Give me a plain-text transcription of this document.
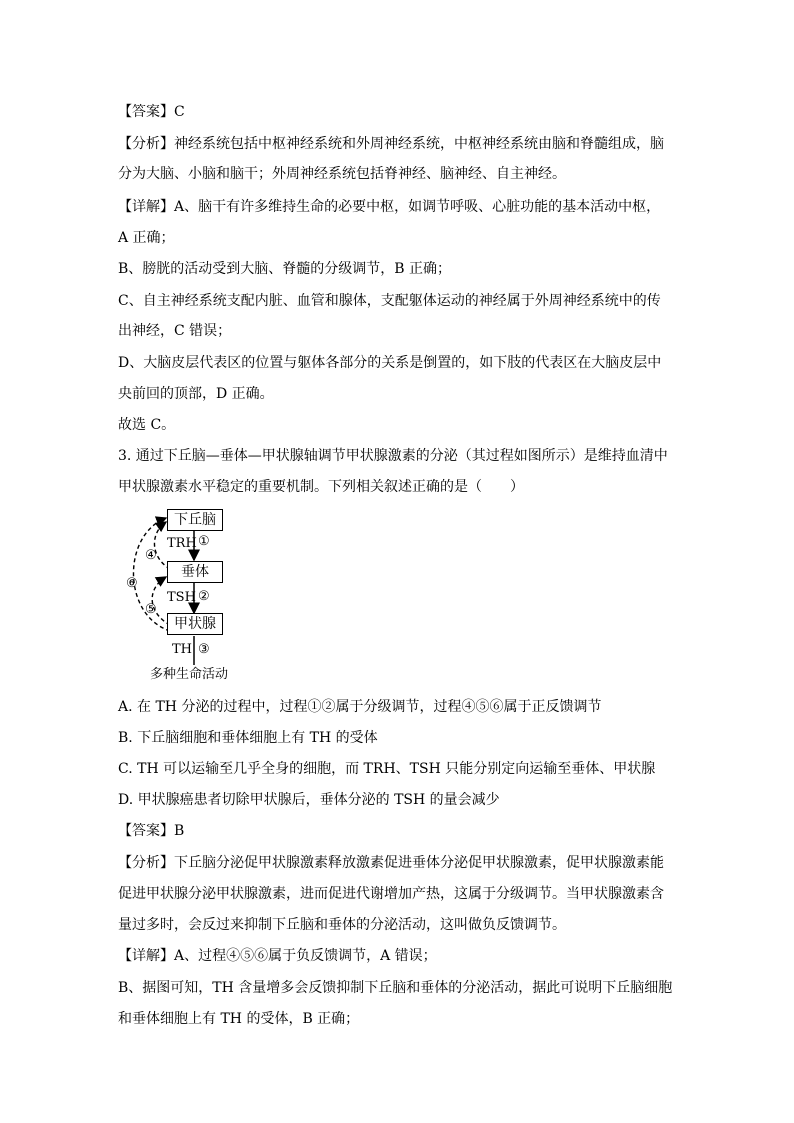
【答案】C
【分析】神经系统包括中枢神经系统和外周神经系统，中枢神经系统由脑和脊髓组成，脑
分为大脑、小脑和脑干；外周神经系统包括脊神经、脑神经、自主神经。
【详解】A、脑干有许多维持生命的必要中枢，如调节呼吸、心脏功能的基本活动中枢，
A 正确；
B、膀胱的活动受到大脑、脊髓的分级调节，B 正确；
C、自主神经系统支配内脏、血管和腺体，支配躯体运动的神经属于外周神经系统中的传
出神经，C 错误；
D、大脑皮层代表区的位置与躯体各部分的关系是倒置的，如下肢的代表区在大脑皮层中
央前回的顶部，D 正确。
故选 C。
3. 通过下丘脑—垂体—甲状腺轴调节甲状腺激素的分泌（其过程如图所示）是维持血清中
甲状腺激素水平稳定的重要机制。下列相关叙述正确的是（　　）
下丘脑
垂体
甲状腺
TRH
TSH
TH
①
②
③
④
⑤
⑥
多种生命活动
A. 在 TH 分泌的过程中，过程①②属于分级调节，过程④⑤⑥属于正反馈调节
B. 下丘脑细胞和垂体细胞上有 TH 的受体
C. TH 可以运输至几乎全身的细胞，而 TRH、TSH 只能分别定向运输至垂体、甲状腺
D. 甲状腺癌患者切除甲状腺后，垂体分泌的 TSH 的量会减少
【答案】B
【分析】下丘脑分泌促甲状腺激素释放激素促进垂体分泌促甲状腺激素，促甲状腺激素能
促进甲状腺分泌甲状腺激素，进而促进代谢增加产热，这属于分级调节。当甲状腺激素含
量过多时，会反过来抑制下丘脑和垂体的分泌活动，这叫做负反馈调节。
【详解】A、过程④⑤⑥属于负反馈调节，A 错误；
B、据图可知，TH 含量增多会反馈抑制下丘脑和垂体的分泌活动，据此可说明下丘脑细胞
和垂体细胞上有 TH 的受体，B 正确；
